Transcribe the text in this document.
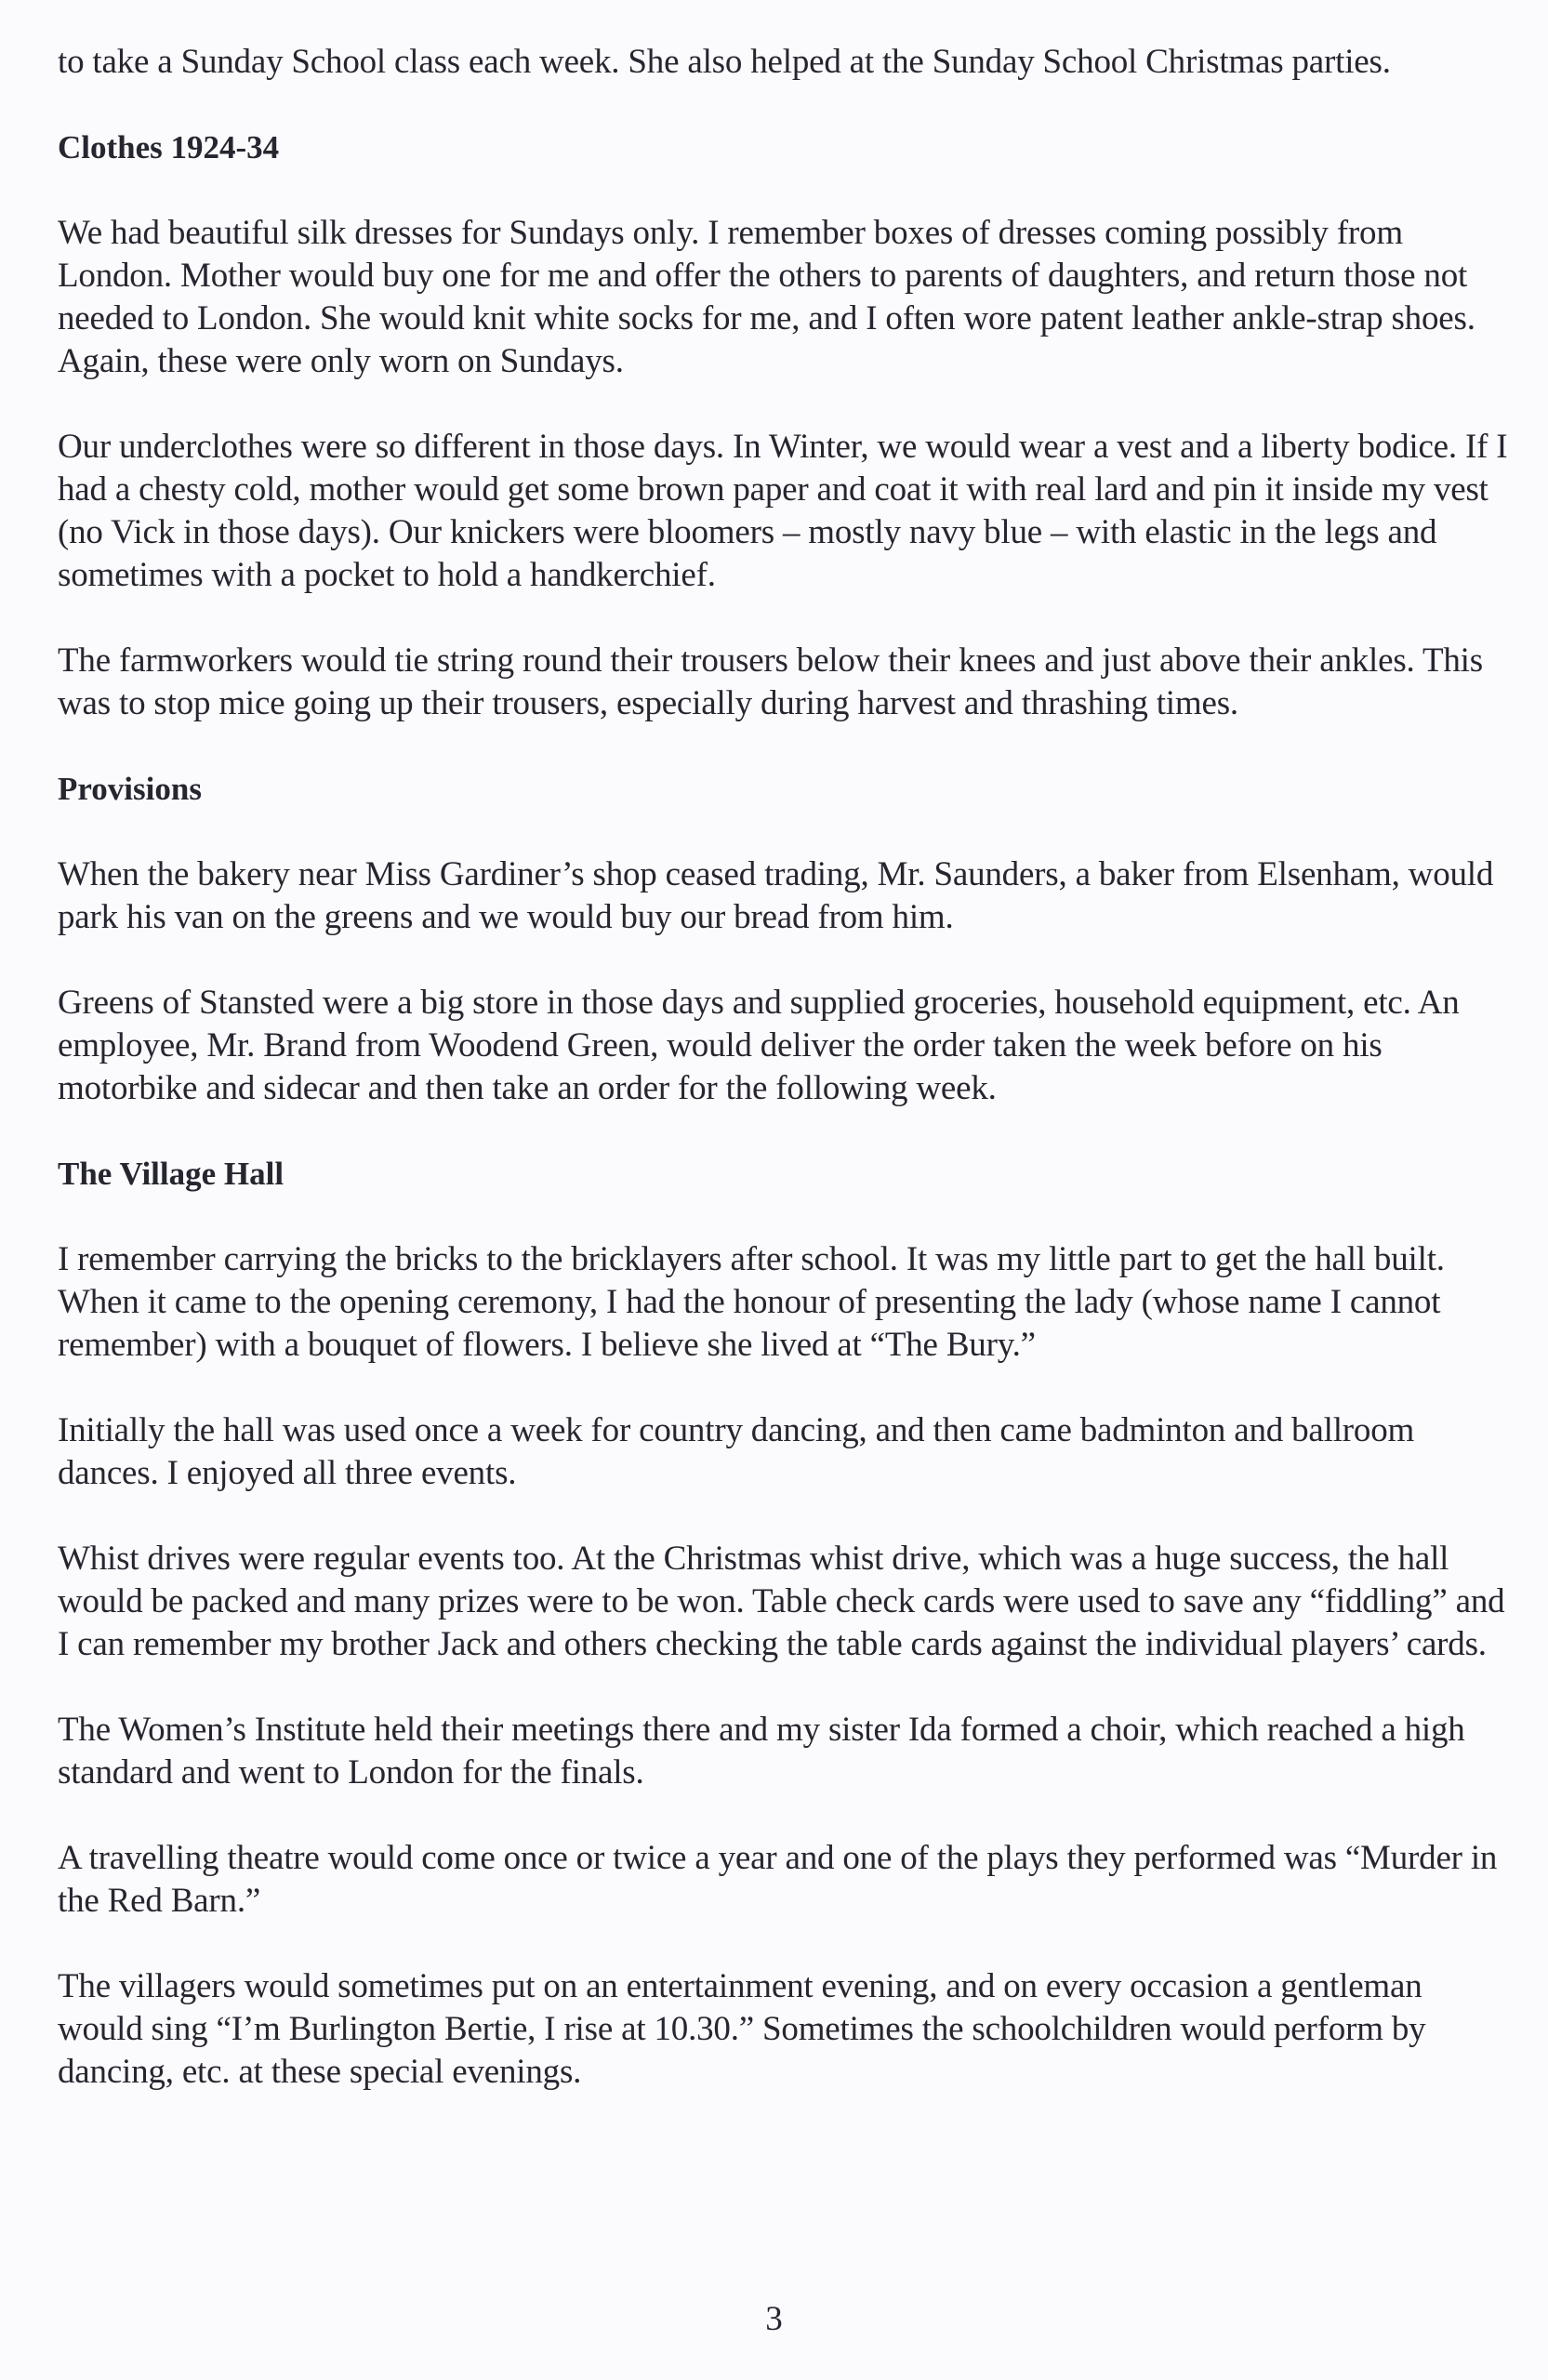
to take a Sunday School class each week. She also helped at the Sunday School Christmas parties.

Clothes 1924-34

We had beautiful silk dresses for Sundays only. I remember boxes of dresses coming possibly from London. Mother would buy one for me and offer the others to parents of daughters, and return those not needed to London. She would knit white socks for me, and I often wore patent leather ankle-strap shoes. Again, these were only worn on Sundays.

Our underclothes were so different in those days. In Winter, we would wear a vest and a liberty bodice. If I had a chesty cold, mother would get some brown paper and coat it with real lard and pin it inside my vest (no Vick in those days). Our knickers were bloomers – mostly navy blue – with elastic in the legs and sometimes with a pocket to hold a handkerchief.

The farmworkers would tie string round their trousers below their knees and just above their ankles. This was to stop mice going up their trousers, especially during harvest and thrashing times.

Provisions

When the bakery near Miss Gardiner’s shop ceased trading, Mr. Saunders, a baker from Elsenham, would park his van on the greens and we would buy our bread from him.

Greens of Stansted were a big store in those days and supplied groceries, household equipment, etc. An employee, Mr. Brand from Woodend Green, would deliver the order taken the week before on his motorbike and sidecar and then take an order for the following week.

The Village Hall

I remember carrying the bricks to the bricklayers after school. It was my little part to get the hall built. When it came to the opening ceremony, I had the honour of presenting the lady (whose name I cannot remember) with a bouquet of flowers. I believe she lived at “The Bury.”

Initially the hall was used once a week for country dancing, and then came badminton and ballroom dances. I enjoyed all three events.

Whist drives were regular events too. At the Christmas whist drive, which was a huge success, the hall would be packed and many prizes were to be won. Table check cards were used to save any “fiddling” and I can remember my brother Jack and others checking the table cards against the individual players’ cards.

The Women’s Institute held their meetings there and my sister Ida formed a choir, which reached a high standard and went to London for the finals.

A travelling theatre would come once or twice a year and one of the plays they performed was “Murder in the Red Barn.”

The villagers would sometimes put on an entertainment evening, and on every occasion a gentleman would sing “I’m Burlington Bertie, I rise at 10.30.” Sometimes the schoolchildren would perform by dancing, etc. at these special evenings.

3
